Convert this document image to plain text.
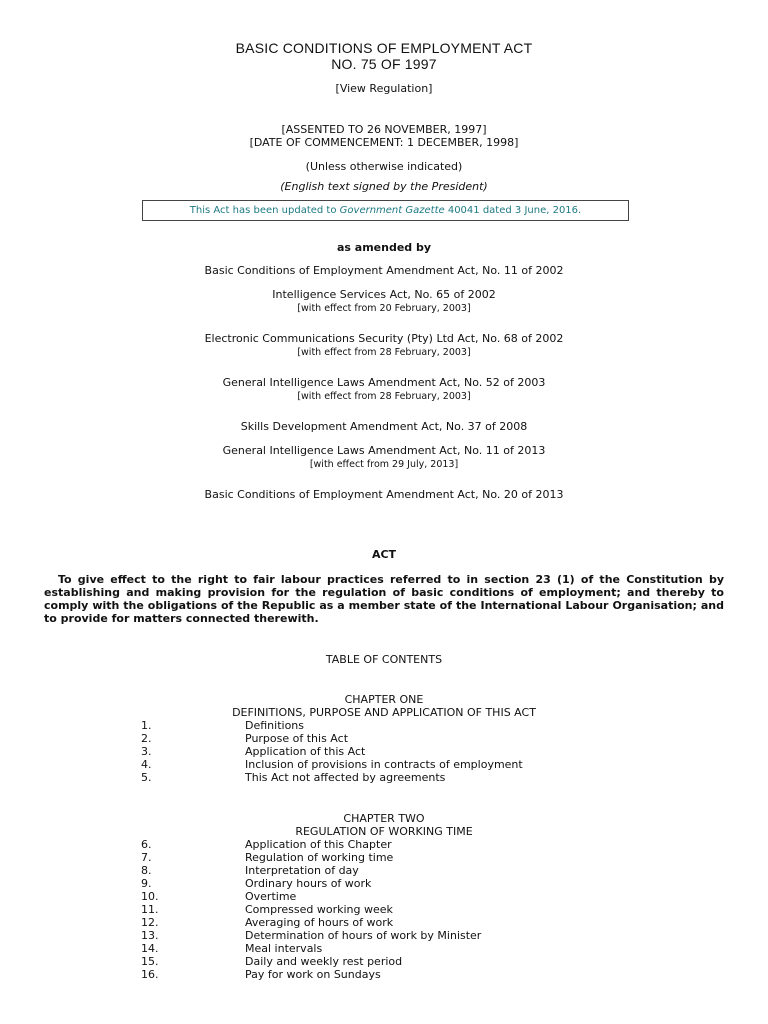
BASIC CONDITIONS OF EMPLOYMENT ACT
NO. 75 OF 1997
[View Regulation]
[ASSENTED TO 26 NOVEMBER, 1997]
[DATE OF COMMENCEMENT: 1 DECEMBER, 1998]
(Unless otherwise indicated)
(English text signed by the President)
This Act has been updated to Government Gazette 40041 dated 3 June, 2016.
as amended by
Basic Conditions of Employment Amendment Act, No. 11 of 2002
Intelligence Services Act, No. 65 of 2002
[with effect from 20 February, 2003]
Electronic Communications Security (Pty) Ltd Act, No. 68 of 2002
[with effect from 28 February, 2003]
General Intelligence Laws Amendment Act, No. 52 of 2003
[with effect from 28 February, 2003]
Skills Development Amendment Act, No. 37 of 2008
General Intelligence Laws Amendment Act, No. 11 of 2013
[with effect from 29 July, 2013]
Basic Conditions of Employment Amendment Act, No. 20 of 2013
ACT
To give effect to the right to fair labour practices referred to in section 23 (1) of the Constitution by establishing and making provision for the regulation of basic conditions of employment; and thereby to comply with the obligations of the Republic as a member state of the International Labour Organisation; and to provide for matters connected therewith.
TABLE OF CONTENTS
CHAPTER ONE
DEFINITIONS, PURPOSE AND APPLICATION OF THIS ACT
1.	Definitions
2.	Purpose of this Act
3.	Application of this Act
4.	Inclusion of provisions in contracts of employment
5.	This Act not affected by agreements
CHAPTER TWO
REGULATION OF WORKING TIME
6.	Application of this Chapter
7.	Regulation of working time
8.	Interpretation of day
9.	Ordinary hours of work
10.	Overtime
11.	Compressed working week
12.	Averaging of hours of work
13.	Determination of hours of work by Minister
14.	Meal intervals
15.	Daily and weekly rest period
16.	Pay for work on Sundays
